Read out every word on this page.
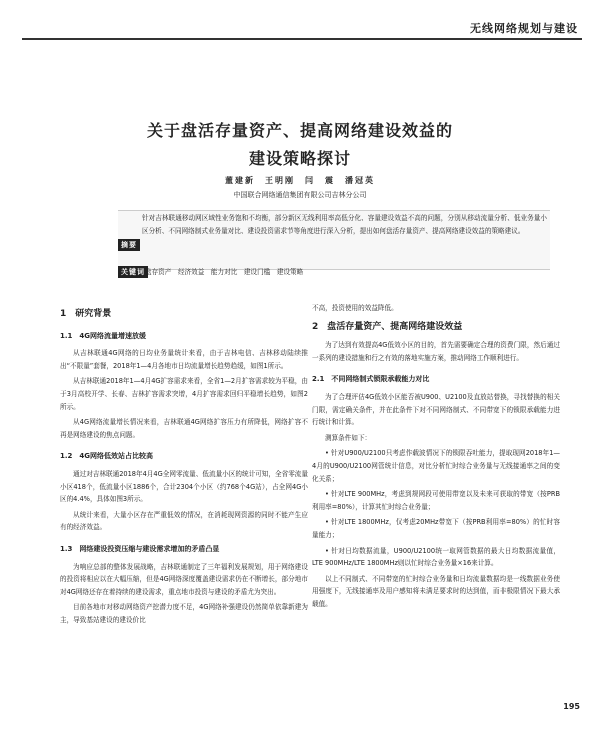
无线网络规划与建设
关于盘活存量资产、提高网络建设效益的
建设策略探讨
董建新　王明刚　闫　震　潘冠英
中国联合网络通信集团有限公司吉林分公司
摘要
针对吉林联通移动网区域性业务饱和不均衡，部分新区无线利用率高低分化、容量建设效益不高的问题，分别从移动流量分析、低业务量小区分析、不同网络制式业务量对比、建设投资需求节等角度进行深入分析，提出如何盘活存量资产、提高网络建设效益的策略建议。
关键词 盘存资产　经济效益　能力对比　建设门槛　建设策略
1　研究背景
1.1　4G网络流量增速放缓

从吉林联通4G网络的日均业务量统计来看，由于吉林电信、吉林移动陆续推出“不限量”套餐，2018年1—4月各地市日均流量增长趋势趋缓，如图1所示。

从吉林联通2018年1—4月4G扩容需求来看，全省1—2月扩容需求较为平稳，由于3月高校开学、长春、吉林扩容需求突增，4月扩容需求回归平稳增长趋势，如图2所示。

从4G网络流量增长情况来看，吉林联通4G网络扩容压力有所降低，网络扩容不再是网络建设的焦点问题。

1.2　4G网络低效站占比较高

通过对吉林联通2018年4月4G全网零流量、低流量小区的统计可知，全省零流量小区418个，低流量小区1886个，合计2304个小区（约768个4G站），占全网4G小区的4.4%，具体如图3所示。

从统计来看，大量小区存在严重低效的情况，在消耗现网资源的同时不能产生应有的经济效益。

1.3　网络建设投资压缩与建设需求增加的矛盾凸显

为响应总部的整体发展战略，吉林联通制定了三年福利发展规划，用于网络建设的投资将相应以在大幅压缩，但是4G网络深度覆盖建设需求仍在不断增长，部分地市对4G网络还存在着持续的建设需求，重点地市投资与建设的矛盾尤为突出。

目前各地市对移动网络资产挖潜力度不足，4G网络补强建设仍然简单依靠新建为主，导致基站建设的建设价比

不高，投资使用的效益降低。

2　盘活存量资产、提高网络建设效益

为了达到有效提高4G低效小区的目的，首先需要确定合理的资费门限，然后通过一系列的建设措施和行之有效的落地实施方案，推动网络工作顺利进行。

2.1　不同网络制式锁限承载能力对比

为了合理评估4G低效小区能否被U900、U2100及直放站替换，寻找替换的相关门限，需定确关条件，并在此条件下对不同网络制式、不同带宽下的锁限承载能力进行统计和计算。

测算条件如下：

• 针对U900/U2100只考虑作载波情况下的锁限吞吐能力，提取现网2018年1—4月的U900/U2100网管统计信息，对比分析忙时综合业务量与无线接通率之间的变化关系；

• 针对LTE 900MHz，考虑到规网段可使用带宽以及未来可获取的带宽（按PRB利用率=80%），计算其忙时综合业务量；

• 针对LTE 1800MHz，仅考虑20MHz带宽下（按PRB利用率=80%）的忙时容量能力；

• 针对日均数据流量，U900/U2100统一取网管数据的最大日均数据流量值，LTE 900MHz/LTE 1800MHz则以忙时综合业务量×16来计算。

以上不同制式、不同带宽的忙时综合业务量和日均流量数据均是一线数据业务使用强度下，无线接通率及用户感知将未满足要求时的达到值，而非极限情况下最大承载值。

195
